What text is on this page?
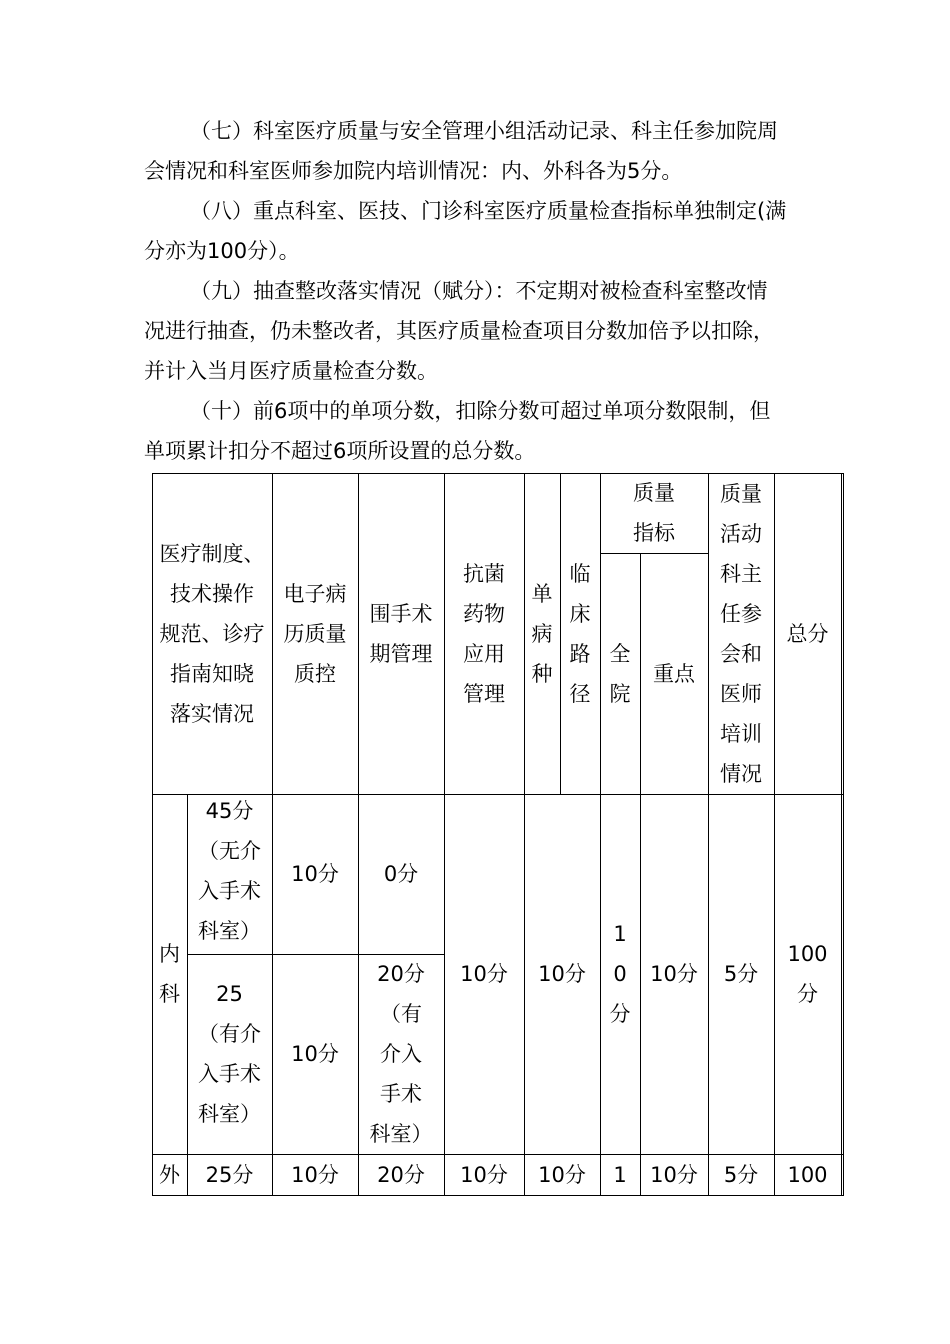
（七）科室医疗质量与安全管理小组活动记录、科主任参加院周
会情况和科室医师参加院内培训情况：内、外科各为5分。
（八）重点科室、医技、门诊科室医疗质量检查指标单独制定(满
分亦为100分）。
（九）抽查整改落实情况（赋分）：不定期对被检查科室整改情
况进行抽查，仍未整改者，其医疗质量检查项目分数加倍予以扣除，
并计入当月医疗质量检查分数。
（十）前6项中的单项分数，扣除分数可超过单项分数限制，但
单项累计扣分不超过6项所设置的总分数。
医疗制度、
技术操作
规范、诊疗
指南知晓
落实情况
电子病
历质量
质控
围手术
期管理
抗菌
药物
应用
管理
单
病
种
临
床
路
径
质量
指标
全
院
重点
质量
活动
科主
任参
会和
医师
培训
情况
总分
内
科
45分
（无介
入手术
科室）
10分 0分
25
（有介
入手术
科室）
10分
20分
（有
介入
手术
科室）
10分 10分
1
0
分
10分 5分
100
分
外 25分 10分 20分 10分 10分 1 10分 5分 100
